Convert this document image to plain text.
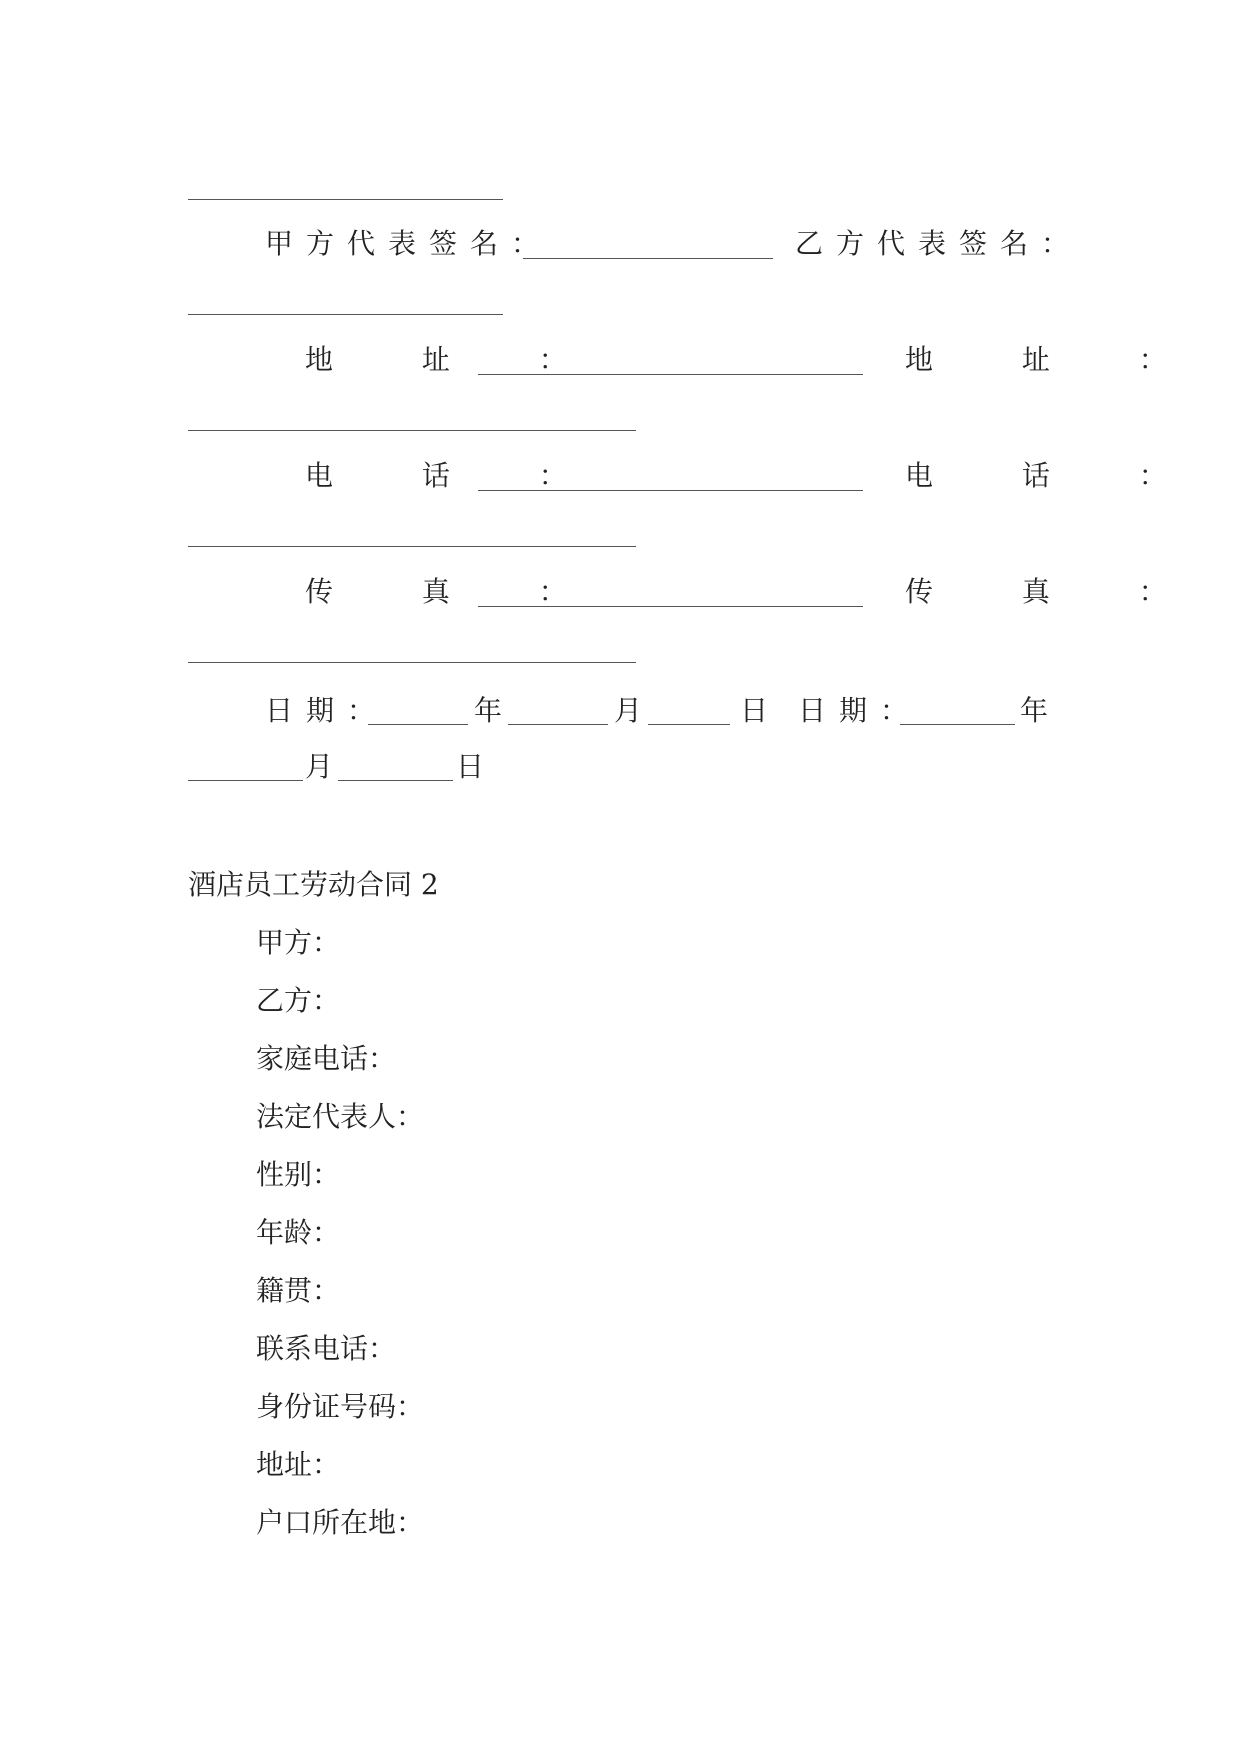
甲方代表签名：	乙方代表签名：
地 址 ：	地 址 ：
电 话 ：	电 话 ：
传 真 ：	传 真 ：
日期：	年	月	日 日期：	年
月	日
酒店员工劳动合同 2
甲方：
乙方：
家庭电话：
法定代表人：
性别：
年龄：
籍贯：
联系电话：
身份证号码：
地址：
户口所在地：
